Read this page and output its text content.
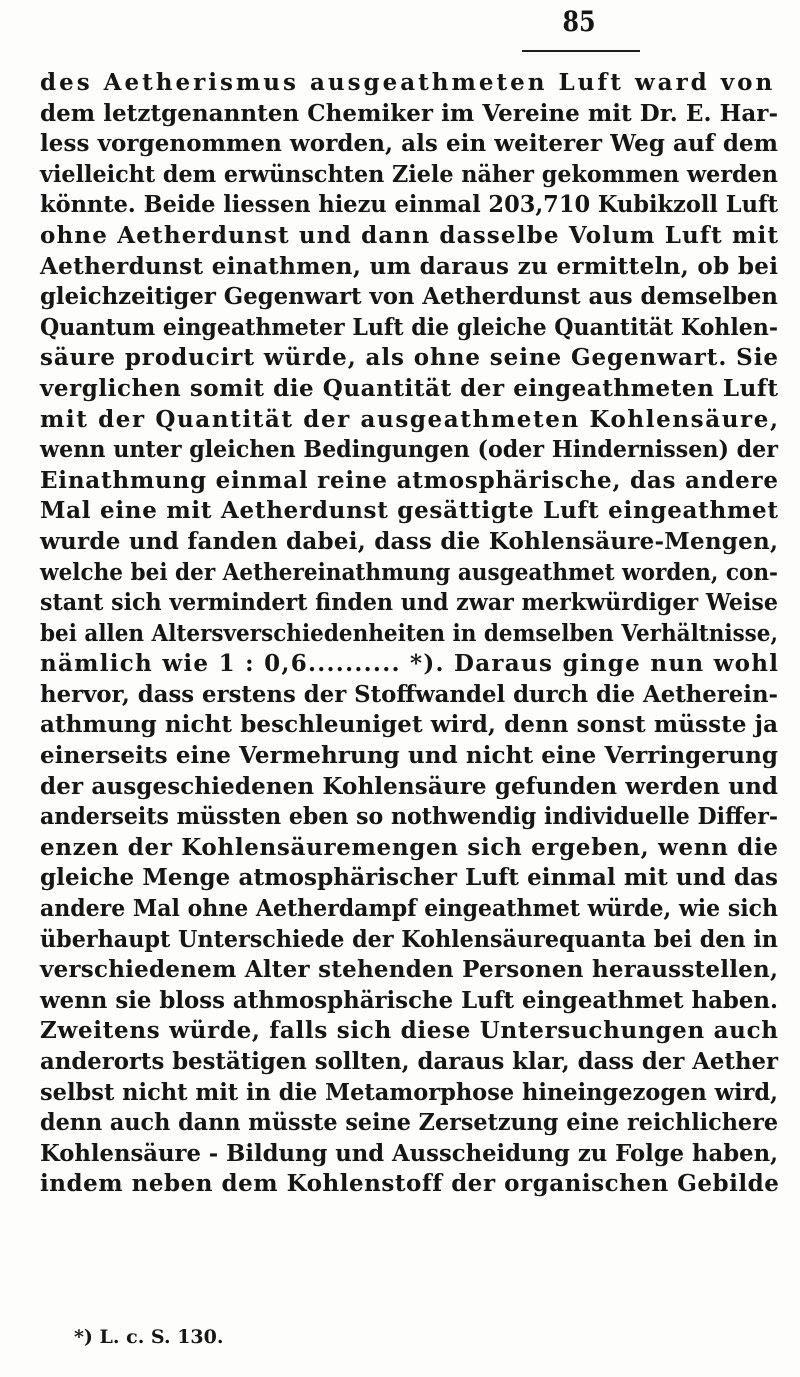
85
des Aetherismus ausgeathmeten Luft ward von
dem letztgenannten Chemiker im Vereine mit Dr. E. Har-
less vorgenommen worden, als ein weiterer Weg auf dem
vielleicht dem erwünschten Ziele näher gekommen werden
könnte. Beide liessen hiezu einmal 203,710 Kubikzoll Luft
ohne Aetherdunst und dann dasselbe Volum Luft mit
Aetherdunst einathmen, um daraus zu ermitteln, ob bei
gleichzeitiger Gegenwart von Aetherdunst aus demselben
Quantum eingeathmeter Luft die gleiche Quantität Kohlen-
säure producirt würde, als ohne seine Gegenwart. Sie
verglichen somit die Quantität der eingeathmeten Luft
mit der Quantität der ausgeathmeten Kohlensäure,
wenn unter gleichen Bedingungen (oder Hindernissen) der
Einathmung einmal reine atmosphärische, das andere
Mal eine mit Aetherdunst gesättigte Luft eingeathmet
wurde und fanden dabei, dass die Kohlensäure-Mengen,
welche bei der Aethereinathmung ausgeathmet worden, con-
stant sich vermindert finden und zwar merkwürdiger Weise
bei allen Altersverschiedenheiten in demselben Verhältnisse,
nämlich wie 1 : 0,6.......... *). Daraus ginge nun wohl
hervor, dass erstens der Stoffwandel durch die Aetherein-
athmung nicht beschleuniget wird, denn sonst müsste ja
einerseits eine Vermehrung und nicht eine Verringerung
der ausgeschiedenen Kohlensäure gefunden werden und
anderseits müssten eben so nothwendig individuelle Differ-
enzen der Kohlensäuremengen sich ergeben, wenn die
gleiche Menge atmosphärischer Luft einmal mit und das
andere Mal ohne Aetherdampf eingeathmet würde, wie sich
überhaupt Unterschiede der Kohlensäurequanta bei den in
verschiedenem Alter stehenden Personen herausstellen,
wenn sie bloss athmosphärische Luft eingeathmet haben.
Zweitens würde, falls sich diese Untersuchungen auch
anderorts bestätigen sollten, daraus klar, dass der Aether
selbst nicht mit in die Metamorphose hineingezogen wird,
denn auch dann müsste seine Zersetzung eine reichlichere
Kohlensäure - Bildung und Ausscheidung zu Folge haben,
indem neben dem Kohlenstoff der organischen Gebilde
*) L. c. S. 130.
